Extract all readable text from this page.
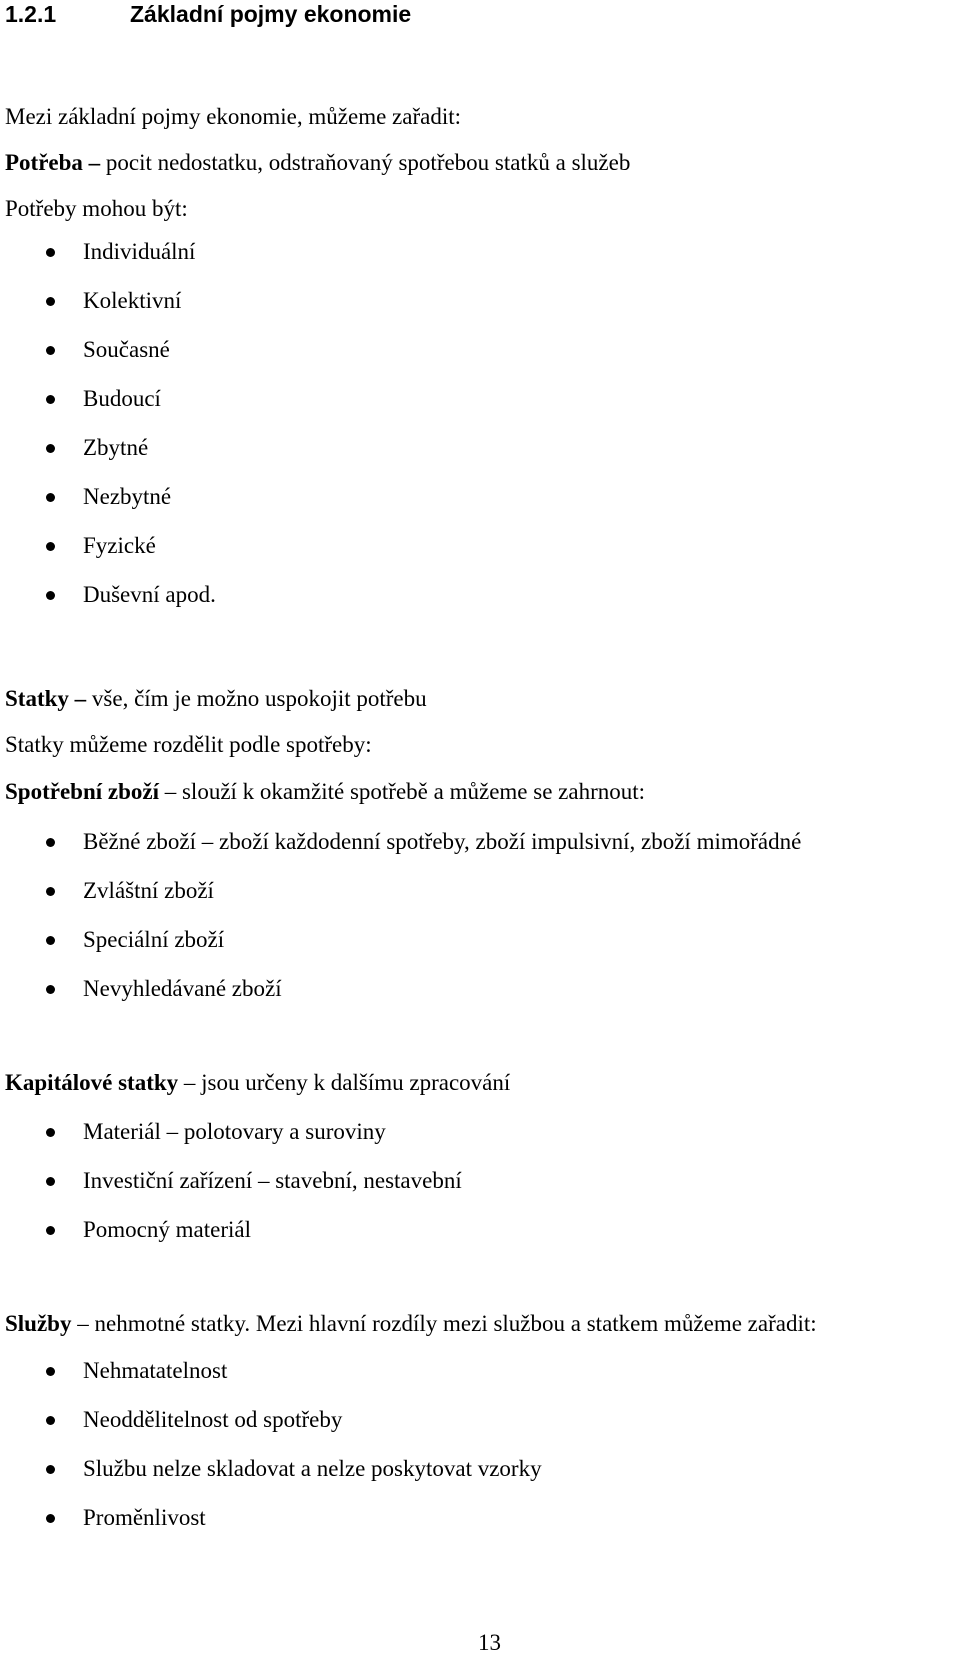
1.2.1	Základní pojmy ekonomie
Mezi základní pojmy ekonomie, můžeme zařadit:
Potřeba – pocit nedostatku, odstraňovaný spotřebou statků a služeb
Potřeby mohou být:
Individuální
Kolektivní
Současné
Budoucí
Zbytné
Nezbytné
Fyzické
Duševní apod.
Statky – vše, čím je možno uspokojit potřebu
Statky můžeme rozdělit podle spotřeby:
Spotřební zboží – slouží k okamžité spotřebě a můžeme se zahrnout:
Běžné zboží – zboží každodenní spotřeby, zboží impulsivní, zboží mimořádné
Zvláštní zboží
Speciální zboží
Nevyhledávané zboží
Kapitálové statky – jsou určeny k dalšímu zpracování
Materiál – polotovary a suroviny
Investiční zařízení – stavební, nestavební
Pomocný materiál
Služby – nehmotné statky. Mezi hlavní rozdíly mezi službou a statkem můžeme zařadit:
Nehmatatelnost
Neoddělitelnost od spotřeby
Službu nelze skladovat a nelze poskytovat vzorky
Proměnlivost
13
